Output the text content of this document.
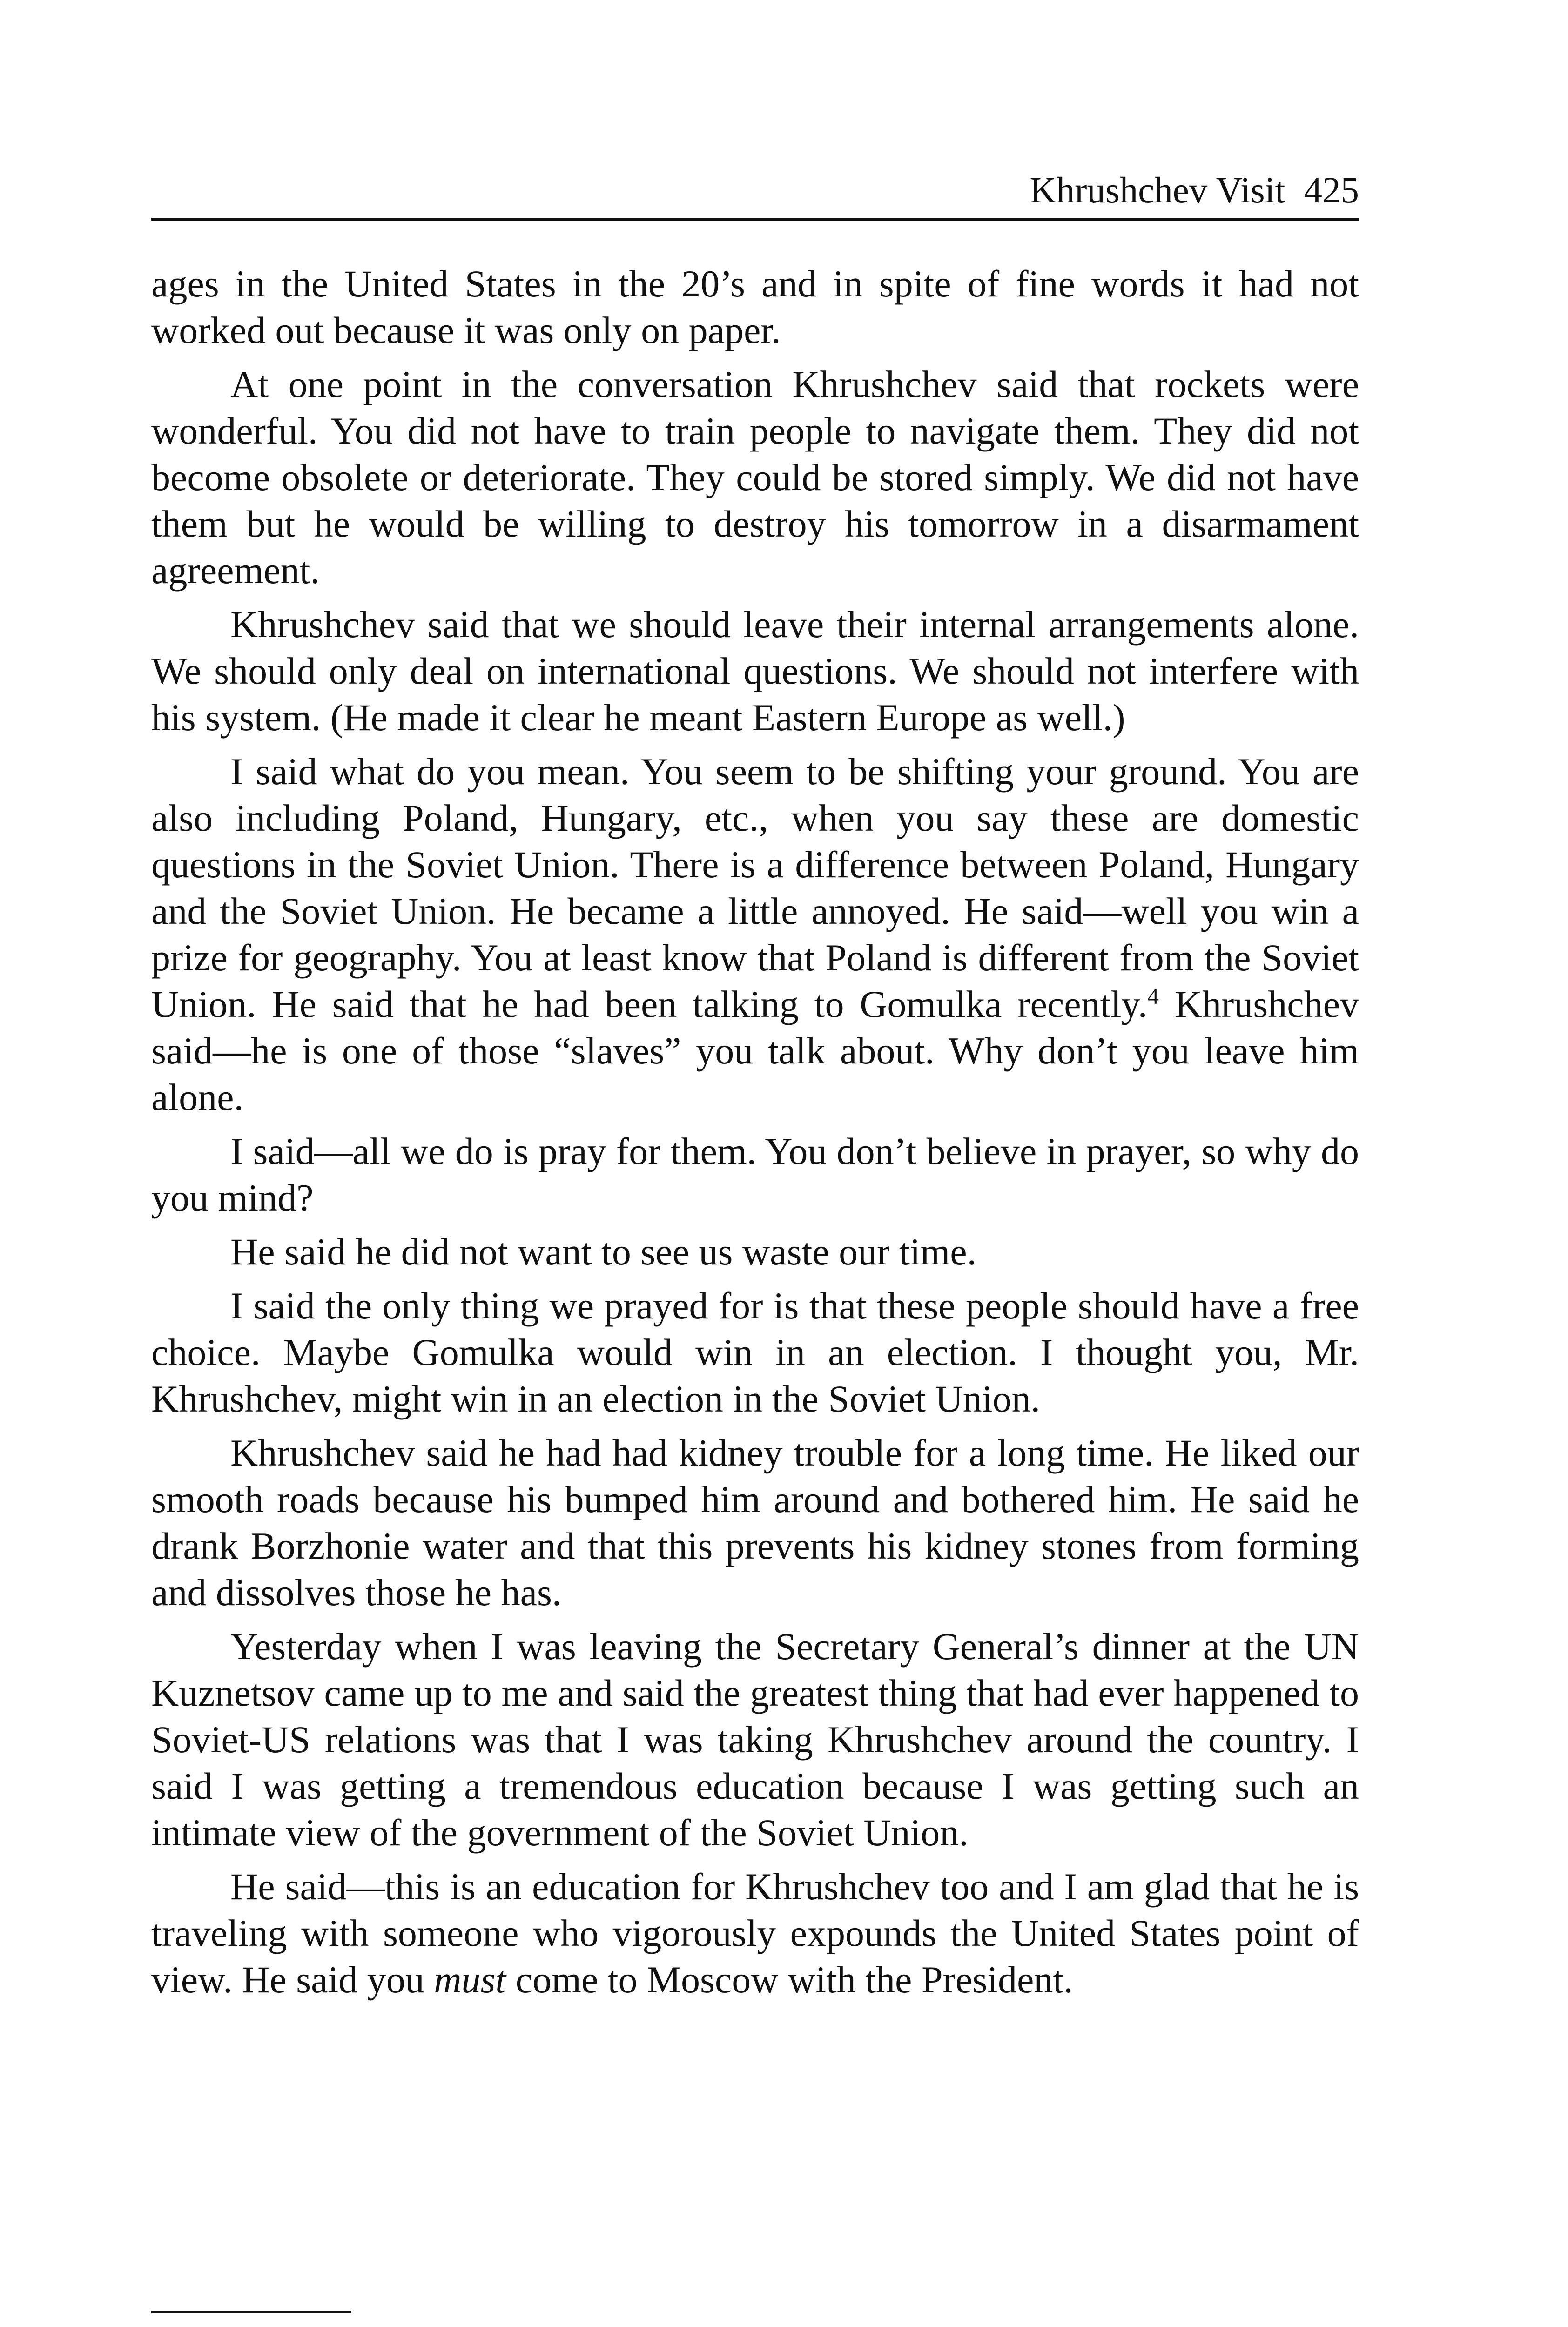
Khrushchev Visit 425

ages in the United States in the 20’s and in spite of fine words it had not worked out because it was only on paper.

At one point in the conversation Khrushchev said that rockets were wonderful. You did not have to train people to navigate them. They did not become obsolete or deteriorate. They could be stored simply. We did not have them but he would be willing to destroy his tomorrow in a disarmament agreement.

Khrushchev said that we should leave their internal arrangements alone. We should only deal on international questions. We should not interfere with his system. (He made it clear he meant Eastern Europe as well.)

I said what do you mean. You seem to be shifting your ground. You are also including Poland, Hungary, etc., when you say these are domestic questions in the Soviet Union. There is a difference between Poland, Hungary and the Soviet Union. He became a little annoyed. He said—well you win a prize for geography. You at least know that Poland is different from the Soviet Union. He said that he had been talking to Gomulka recently.$^4$ Khrushchev said—he is one of those “slaves” you talk about. Why don’t you leave him alone.

I said—all we do is pray for them. You don’t believe in prayer, so why do you mind?

He said he did not want to see us waste our time.

I said the only thing we prayed for is that these people should have a free choice. Maybe Gomulka would win in an election. I thought you, Mr. Khrushchev, might win in an election in the Soviet Union.

Khrushchev said he had had kidney trouble for a long time. He liked our smooth roads because his bumped him around and bothered him. He said he drank Borzhonie water and that this prevents his kidney stones from forming and dissolves those he has.

Yesterday when I was leaving the Secretary General’s dinner at the UN Kuznetsov came up to me and said the greatest thing that had ever happened to Soviet-US relations was that I was taking Khrushchev around the country. I said I was getting a tremendous education because I was getting such an intimate view of the government of the Soviet Union.

He said—this is an education for Khrushchev too and I am glad that he is traveling with someone who vigorously expounds the United States point of view. He said you must come to Moscow with the President.
